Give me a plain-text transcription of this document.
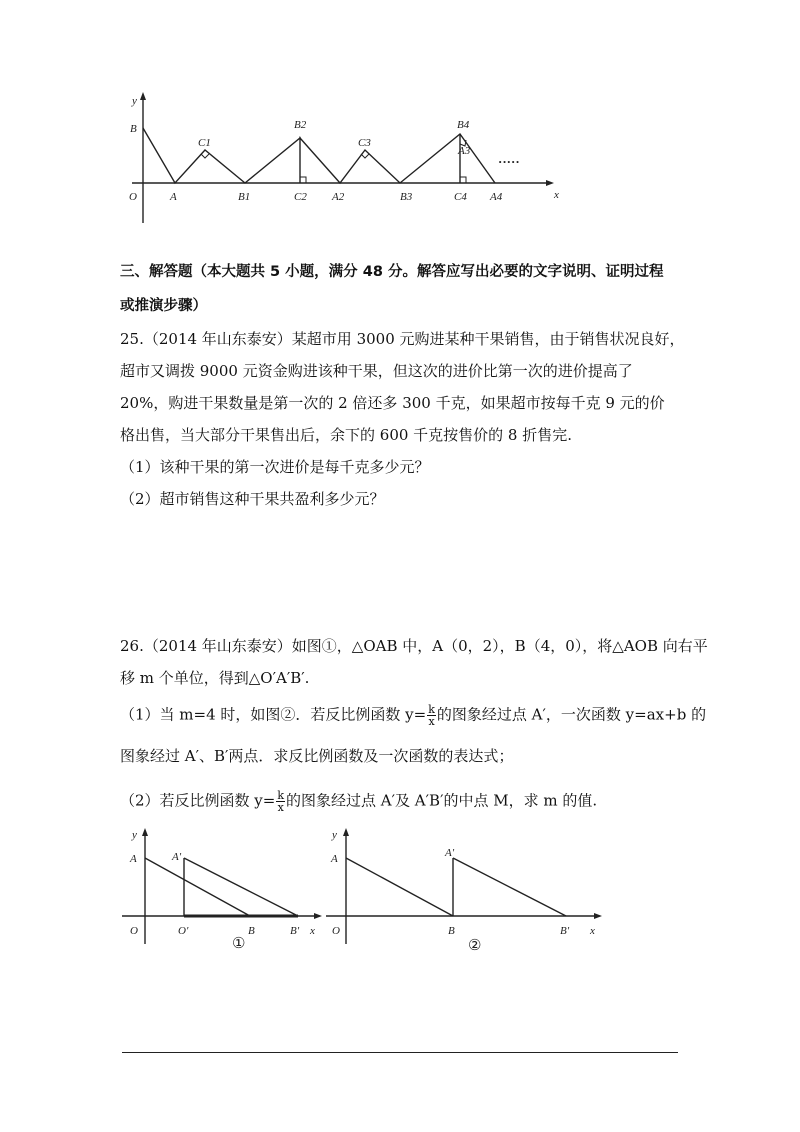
y
x
O
B
A
C1
B1
B2
C2 A2
C3
B3
B4
A3
C4 A4
·····
三、解答题（本大题共 5 小题，满分 48 分。解答应写出必要的文字说明、证明过程
或推演步骤）
25.（2014 年山东泰安）某超市用 3000 元购进某种干果销售，由于销售状况良好，
超市又调拨 9000 元资金购进该种干果，但这次的进价比第一次的进价提高了
20%，购进干果数量是第一次的 2 倍还多 300 千克，如果超市按每千克 9 元的价
格出售，当大部分干果售出后，余下的 600 千克按售价的 8 折售完.
（1）该种干果的第一次进价是每千克多少元？
（2）超市销售这种干果共盈利多少元？
26.（2014 年山东泰安）如图①，△OAB 中，A（0，2），B（4，0），将△AOB 向右平
移 m 个单位，得到△O′A′B′.
（1）当 m=4 时，如图②．若反比例函数 $y= \frac{k}{x}$ 的图象经过点 A′，一次函数 y=ax+b 的
图象经过 A′、B′两点．求反比例函数及一次函数的表达式；
（2）若反比例函数 $y= \frac{k}{x}$ 的图象经过点 A′及 A′B′的中点 M，求 m 的值.
y
A	A′
O	O′	B	B′ x
①
y
A	A′
O	B	B′ x
②
